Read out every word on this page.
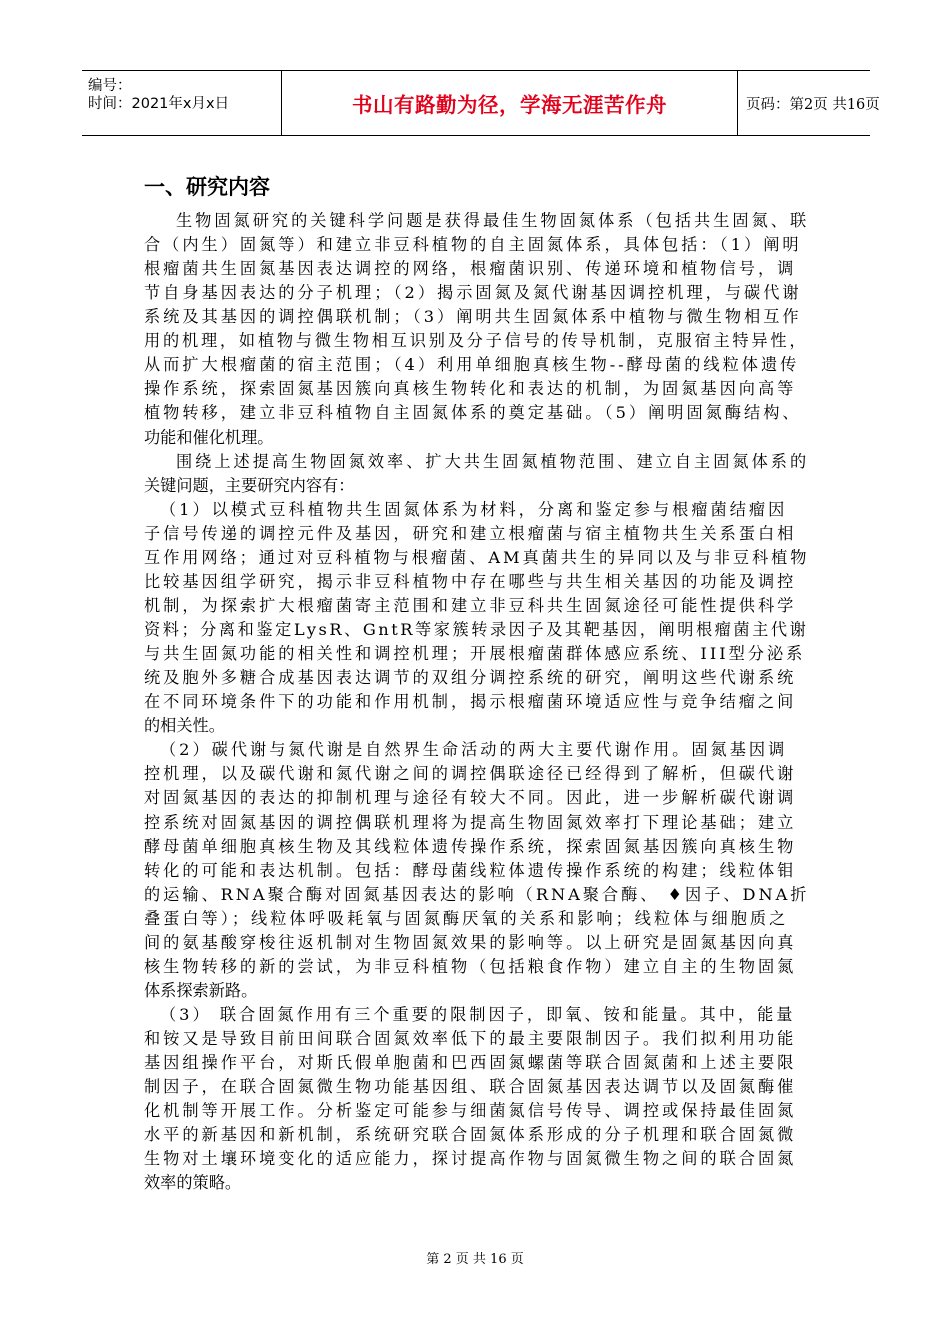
编号：
时间：2021年x月x日	书山有路勤为径，学海无涯苦作舟	页码：第2页 共16页
一、研究内容
生物固氮研究的关键科学问题是获得最佳生物固氮体系（包括共生固氮、联
合（内生）固氮等）和建立非豆科植物的自主固氮体系，具体包括：（1）阐明
根瘤菌共生固氮基因表达调控的网络，根瘤菌识别、传递环境和植物信号，调
节自身基因表达的分子机理；（2）揭示固氮及氮代谢基因调控机理，与碳代谢
系统及其基因的调控偶联机制；（3）阐明共生固氮体系中植物与微生物相互作
用的机理，如植物与微生物相互识别及分子信号的传导机制，克服宿主特异性，
从而扩大根瘤菌的宿主范围；（4）利用单细胞真核生物--酵母菌的线粒体遗传
操作系统，探索固氮基因簇向真核生物转化和表达的机制，为固氮基因向高等
植物转移，建立非豆科植物自主固氮体系的奠定基础。（5）阐明固氮酶结构、
功能和催化机理。
围绕上述提高生物固氮效率、扩大共生固氮植物范围、建立自主固氮体系的
关键问题，主要研究内容有：
（1）以模式豆科植物共生固氮体系为材料，分离和鉴定参与根瘤菌结瘤因
子信号传递的调控元件及基因，研究和建立根瘤菌与宿主植物共生关系蛋白相
互作用网络；通过对豆科植物与根瘤菌、AM真菌共生的异同以及与非豆科植物
比较基因组学研究，揭示非豆科植物中存在哪些与共生相关基因的功能及调控
机制，为探索扩大根瘤菌寄主范围和建立非豆科共生固氮途径可能性提供科学
资料；分离和鉴定LysR、GntR等家簇转录因子及其靶基因，阐明根瘤菌主代谢
与共生固氮功能的相关性和调控机理；开展根瘤菌群体感应系统、III型分泌系
统及胞外多糖合成基因表达调节的双组分调控系统的研究，阐明这些代谢系统
在不同环境条件下的功能和作用机制，揭示根瘤菌环境适应性与竞争结瘤之间
的相关性。
（2）碳代谢与氮代谢是自然界生命活动的两大主要代谢作用。固氮基因调
控机理，以及碳代谢和氮代谢之间的调控偶联途径已经得到了解析，但碳代谢
对固氮基因的表达的抑制机理与途径有较大不同。因此，进一步解析碳代谢调
控系统对固氮基因的调控偶联机理将为提高生物固氮效率打下理论基础；建立
酵母菌单细胞真核生物及其线粒体遗传操作系统，探索固氮基因簇向真核生物
转化的可能和表达机制。包括：酵母菌线粒体遗传操作系统的构建；线粒体钼
的运输、RNA聚合酶对固氮基因表达的影响（RNA聚合酶、 ♦因子、DNA折
叠蛋白等）；线粒体呼吸耗氧与固氮酶厌氧的关系和影响；线粒体与细胞质之
间的氨基酸穿梭往返机制对生物固氮效果的影响等。以上研究是固氮基因向真
核生物转移的新的尝试，为非豆科植物（包括粮食作物）建立自主的生物固氮
体系探索新路。
（3） 联合固氮作用有三个重要的限制因子，即氧、铵和能量。其中，能量
和铵又是导致目前田间联合固氮效率低下的最主要限制因子。我们拟利用功能
基因组操作平台，对斯氏假单胞菌和巴西固氮螺菌等联合固氮菌和上述主要限
制因子，在联合固氮微生物功能基因组、联合固氮基因表达调节以及固氮酶催
化机制等开展工作。分析鉴定可能参与细菌氮信号传导、调控或保持最佳固氮
水平的新基因和新机制，系统研究联合固氮体系形成的分子机理和联合固氮微
生物对土壤环境变化的适应能力，探讨提高作物与固氮微生物之间的联合固氮
效率的策略。
第 2 页 共 16 页
